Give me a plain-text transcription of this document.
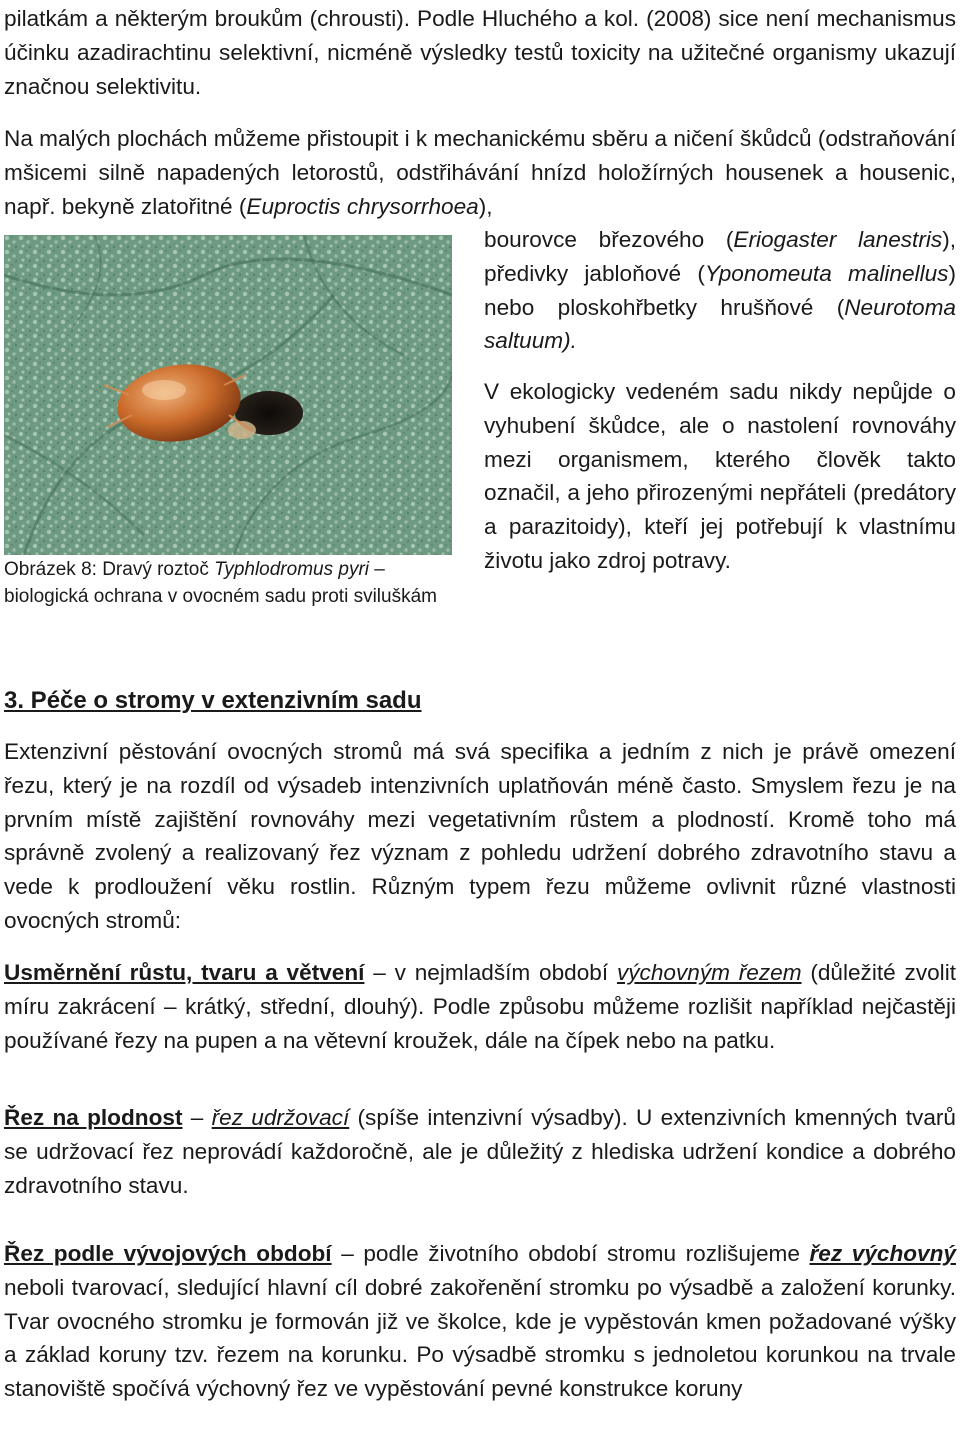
pilatkám a některým broukům (chrousti). Podle Hluchého a kol. (2008) sice není mechanismus účinku azadirachtinu selektivní, nicméně výsledky testů toxicity na užitečné organismy ukazují značnou selektivitu.

Na malých plochách můžeme přistoupit i k mechanickému sběru a ničení škůdců (odstraňování mšicemi silně napadených letorostů, odstřihávání hnízd holožírných housenek a housenic, např. bekyně zlatořitné (Euproctis chrysorrhoea),

bourovce březového (Eriogaster lanestris), předivky jabloňové (Yponomeuta malinellus) nebo ploskohřbetky hrušňové (Neurotoma saltuum).

V ekologicky vedeném sadu nikdy nepůjde o vyhubení škůdce, ale o nastolení rovnováhy mezi organismem, kterého člověk takto označil, a jeho přirozenými nepřáteli (predátory a parazitoidy), kteří jej potřebují k vlastnímu životu jako zdroj potravy.

Obrázek 8: Dravý roztoč Typhlodromus pyri – biologická ochrana v ovocném sadu proti sviluškám

3. Péče o stromy v extenzivním sadu

Extenzivní pěstování ovocných stromů má svá specifika a jedním z nich je právě omezení řezu, který je na rozdíl od výsadeb intenzivních uplatňován méně často. Smyslem řezu je na prvním místě zajištění rovnováhy mezi vegetativním růstem a plodností. Kromě toho má správně zvolený a realizovaný řez význam z pohledu udržení dobrého zdravotního stavu a vede k prodloužení věku rostlin. Různým typem řezu můžeme ovlivnit různé vlastnosti ovocných stromů:

Usměrnění růstu, tvaru a větvení – v nejmladším období výchovným řezem (důležité zvolit míru zakrácení – krátký, střední, dlouhý). Podle způsobu můžeme rozlišit například nejčastěji používané řezy na pupen a na větevní kroužek, dále na čípek nebo na patku.

Řez na plodnost – řez udržovací (spíše intenzivní výsadby). U extenzivních kmenných tvarů se udržovací řez neprovádí každoročně, ale je důležitý z hlediska udržení kondice a dobrého zdravotního stavu.

Řez podle vývojových období – podle životního období stromu rozlišujeme řez výchovný neboli tvarovací, sledující hlavní cíl dobré zakořenění stromku po výsadbě a založení korunky. Tvar ovocného stromku je formován již ve školce, kde je vypěstován kmen požadované výšky a základ koruny tzv. řezem na korunku. Po výsadbě stromku s jednoletou korunkou na trvale stanoviště spočívá výchovný řez ve vypěstování pevné konstrukce koruny
